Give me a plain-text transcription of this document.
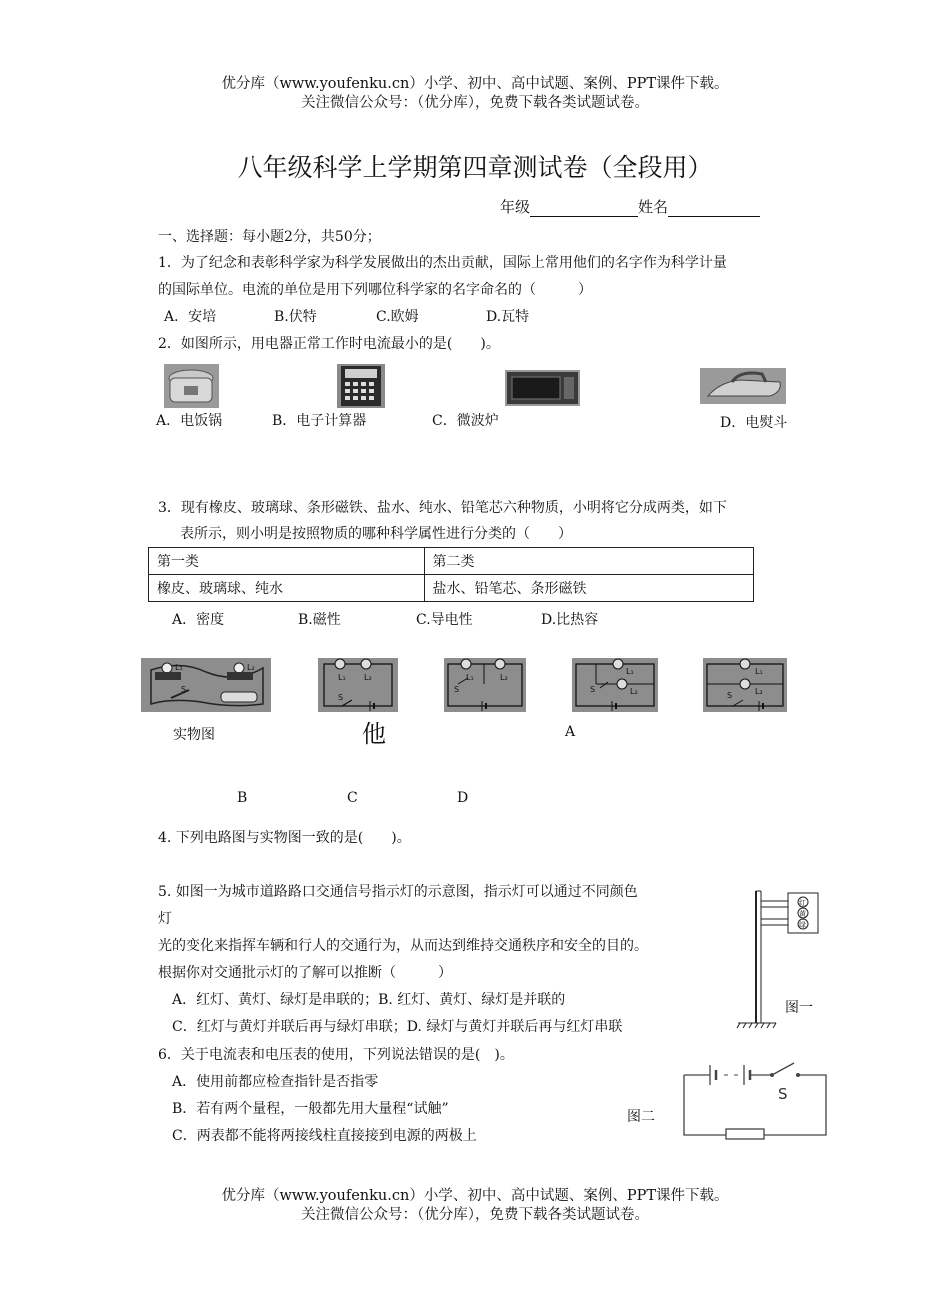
优分库（www.youfenku.cn）小学、初中、高中试题、案例、PPT课件下载。
关注微信公众号：（优分库），免费下载各类试题试卷。
八年级科学上学期第四章测试卷（全段用）
年级	姓名
一、选择题：每小题2分，共50分；
1．为了纪念和表彰科学家为科学发展做出的杰出贡献，国际上常用他们的名字作为科学计量
的国际单位。电流的单位是用下列哪位科学家的名字命名的（　　　）
A．安培	B.伏特	C.欧姆	D.瓦特
2．如图所示，用电器正常工作时电流最小的是(　　)。
A．电饭锅	B．电子计算器	C．微波炉	D．电熨斗
3．现有橡皮、玻璃球、条形磁铁、盐水、纯水、铅笔芯六种物质，小明将它分成两类，如下
表所示，则小明是按照物质的哪种科学属性进行分类的（　　）
第一类	第二类
橡皮、玻璃球、纯水	盐水、铅笔芯、条形磁铁
A．密度	B.磁性	C.导电性	D.比热容
L₁	L₂
S
L₁ L₂
S
L₁	L₂
S
L₁
L₂
S
L₁
L₂
S
实物图	他	A
B	C	D
4. 下列电路图与实物图一致的是(　　)。
5. 如图一为城市道路路口交通信号指示灯的示意图，指示灯可以通过不同颜色
灯
光的变化来指挥车辆和行人的交通行为，从而达到维持交通秩序和安全的目的。
根据你对交通批示灯的了解可以推断（　　　）
A．红灯、黄灯、绿灯是串联的；B. 红灯、黄灯、绿灯是并联的
C．红灯与黄灯并联后再与绿灯串联；D. 绿灯与黄灯并联后再与红灯串联
红
黄
绿
图一
6．关于电流表和电压表的使用，下列说法错误的是(　)。
A．使用前都应检查指针是否指零
B．若有两个量程，一般都先用大量程“试触”
C．两表都不能将两接线柱直接接到电源的两极上
图二
S
优分库（www.youfenku.cn）小学、初中、高中试题、案例、PPT课件下载。
关注微信公众号：（优分库），免费下载各类试题试卷。
